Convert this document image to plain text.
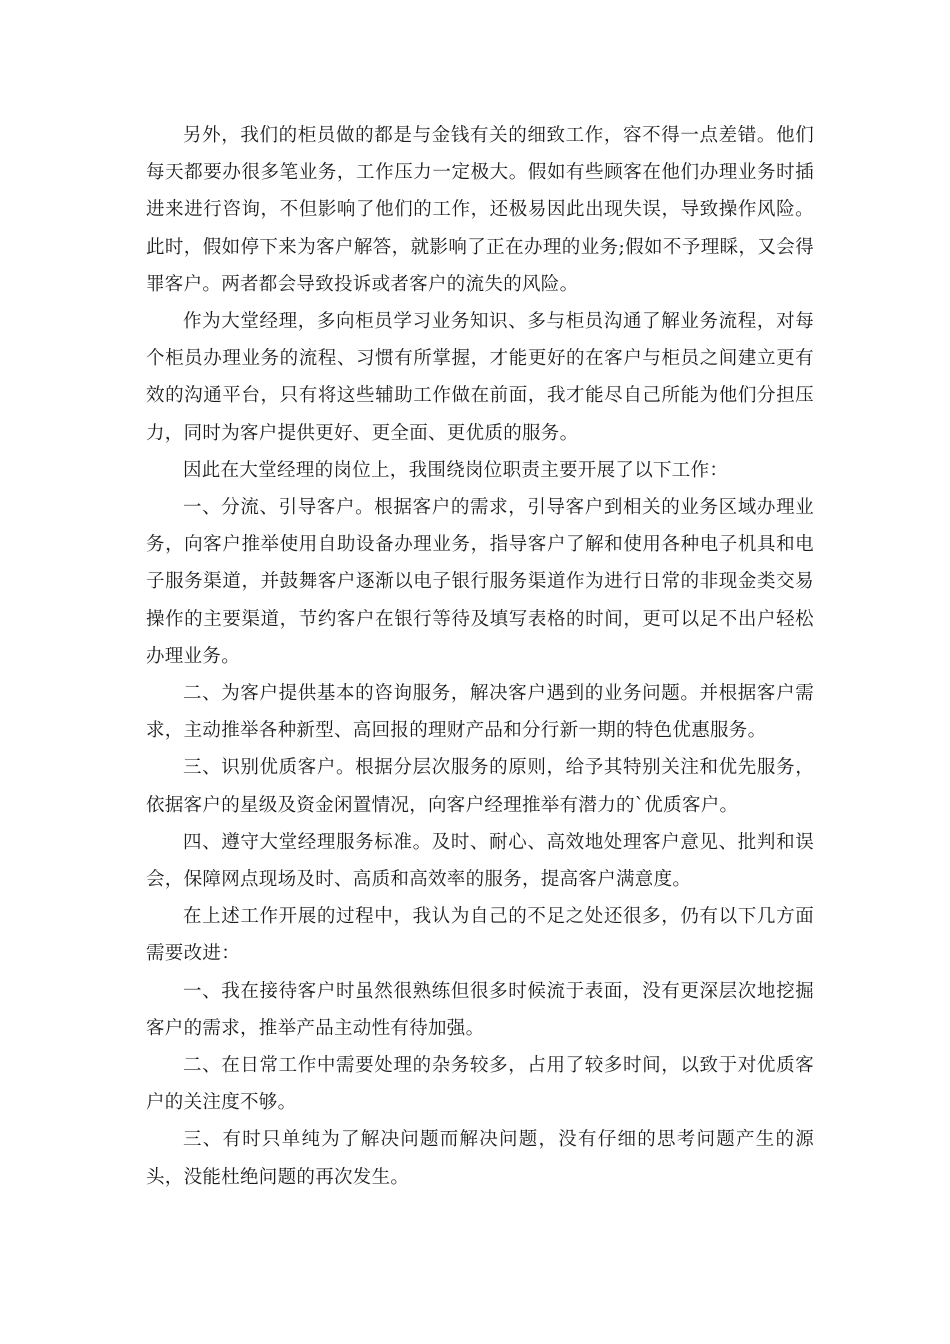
另外，我们的柜员做的都是与金钱有关的细致工作，容不得一点差错。他们每天都要办很多笔业务，工作压力一定极大。假如有些顾客在他们办理业务时插进来进行咨询，不但影响了他们的工作，还极易因此出现失误，导致操作风险。此时，假如停下来为客户解答，就影响了正在办理的业务;假如不予理睬，又会得罪客户。两者都会导致投诉或者客户的流失的风险。

作为大堂经理，多向柜员学习业务知识、多与柜员沟通了解业务流程，对每个柜员办理业务的流程、习惯有所掌握，才能更好的在客户与柜员之间建立更有效的沟通平台，只有将这些辅助工作做在前面，我才能尽自己所能为他们分担压力，同时为客户提供更好、更全面、更优质的服务。

因此在大堂经理的岗位上，我围绕岗位职责主要开展了以下工作：

一、分流、引导客户。根据客户的需求，引导客户到相关的业务区域办理业务，向客户推举使用自助设备办理业务，指导客户了解和使用各种电子机具和电子服务渠道，并鼓舞客户逐渐以电子银行服务渠道作为进行日常的非现金类交易操作的主要渠道，节约客户在银行等待及填写表格的时间，更可以足不出户轻松办理业务。

二、为客户提供基本的咨询服务，解决客户遇到的业务问题。并根据客户需求，主动推举各种新型、高回报的理财产品和分行新一期的特色优惠服务。

三、识别优质客户。根据分层次服务的原则，给予其特别关注和优先服务，依据客户的星级及资金闲置情况，向客户经理推举有潜力的`优质客户。

四、遵守大堂经理服务标准。及时、耐心、高效地处理客户意见、批判和误会，保障网点现场及时、高质和高效率的服务，提高客户满意度。

在上述工作开展的过程中，我认为自己的不足之处还很多，仍有以下几方面需要改进：

一、我在接待客户时虽然很熟练但很多时候流于表面，没有更深层次地挖掘客户的需求，推举产品主动性有待加强。

二、在日常工作中需要处理的杂务较多，占用了较多时间，以致于对优质客户的关注度不够。

三、有时只单纯为了解决问题而解决问题，没有仔细的思考问题产生的源头，没能杜绝问题的再次发生。
